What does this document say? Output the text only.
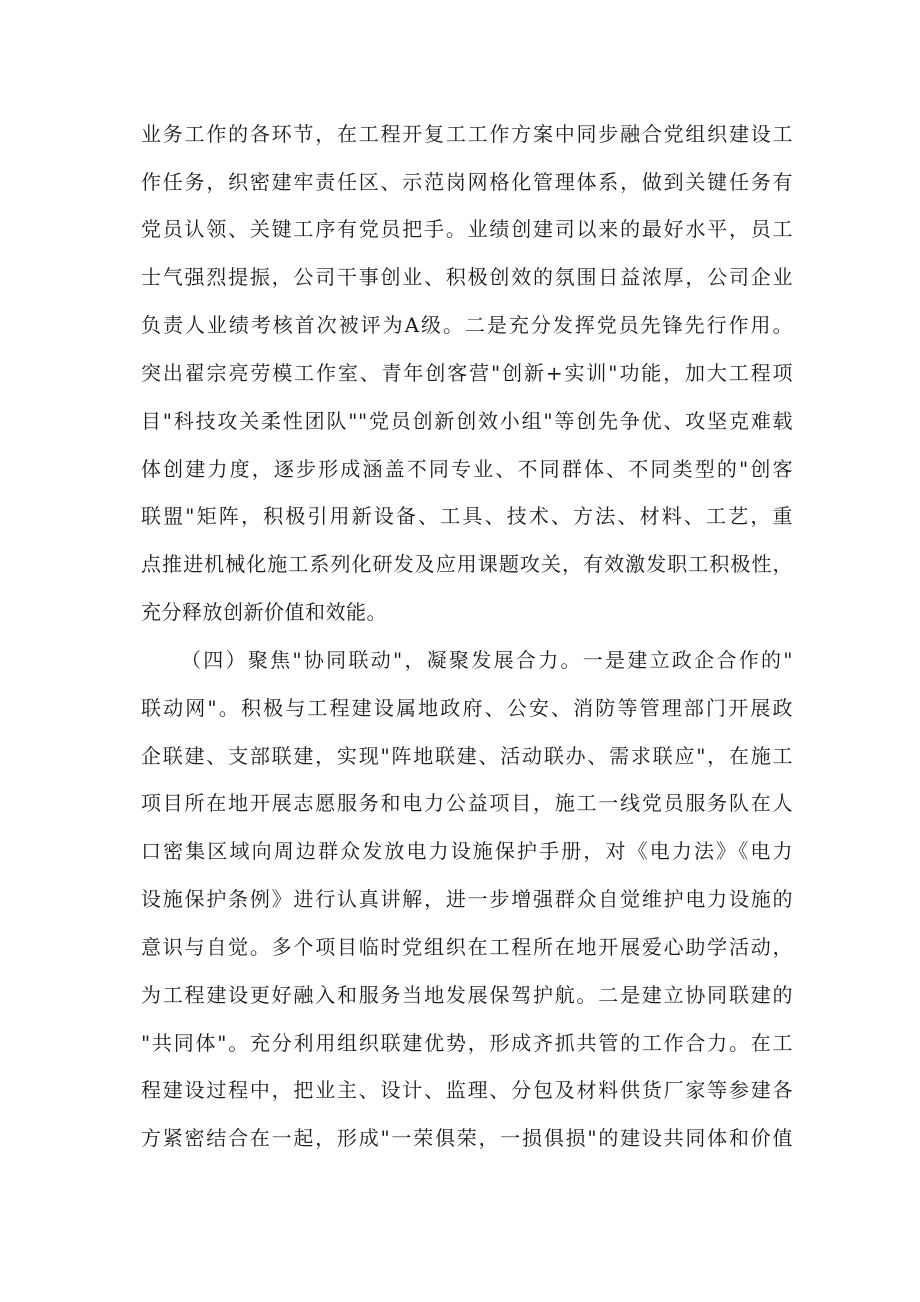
业务工作的各环节，在工程开复工工作方案中同步融合党组织建设工
作任务，织密建牢责任区、示范岗网格化管理体系，做到关键任务有
党员认领、关键工序有党员把手。业绩创建司以来的最好水平，员工
士气强烈提振，公司干事创业、积极创效的氛围日益浓厚，公司企业
负责人业绩考核首次被评为A级。二是充分发挥党员先锋先行作用。
突出翟宗亮劳模工作室、青年创客营"创新+实训"功能，加大工程项
目"科技攻关柔性团队""党员创新创效小组"等创先争优、攻坚克难载
体创建力度，逐步形成涵盖不同专业、不同群体、不同类型的"创客
联盟"矩阵，积极引用新设备、工具、技术、方法、材料、工艺，重
点推进机械化施工系列化研发及应用课题攻关，有效激发职工积极性，
充分释放创新价值和效能。
（四）聚焦"协同联动"，凝聚发展合力。一是建立政企合作的"
联动网"。积极与工程建设属地政府、公安、消防等管理部门开展政
企联建、支部联建，实现"阵地联建、活动联办、需求联应"，在施工
项目所在地开展志愿服务和电力公益项目，施工一线党员服务队在人
口密集区域向周边群众发放电力设施保护手册，对《电力法》《电力
设施保护条例》进行认真讲解，进一步增强群众自觉维护电力设施的
意识与自觉。多个项目临时党组织在工程所在地开展爱心助学活动，
为工程建设更好融入和服务当地发展保驾护航。二是建立协同联建的
"共同体"。充分利用组织联建优势，形成齐抓共管的工作合力。在工
程建设过程中，把业主、设计、监理、分包及材料供货厂家等参建各
方紧密结合在一起，形成"一荣俱荣，一损俱损"的建设共同体和价值
